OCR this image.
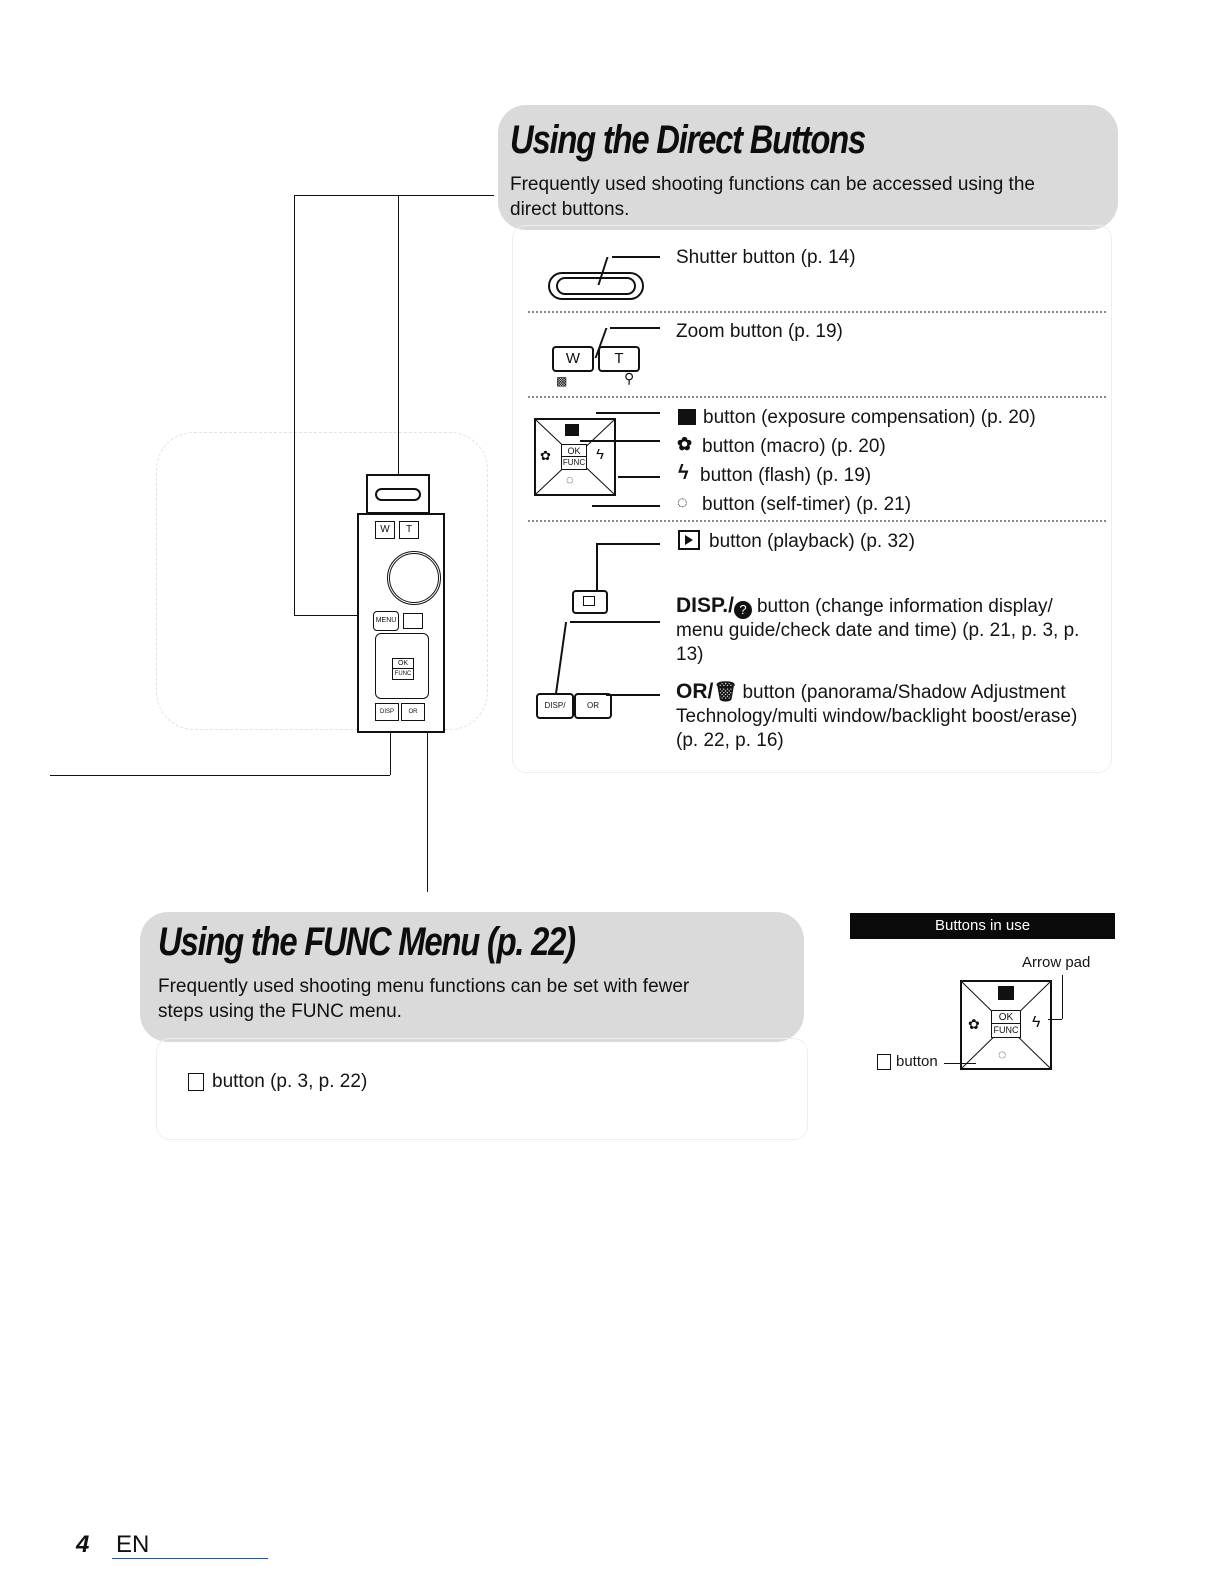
Using the Direct Buttons
Frequently used shooting functions can be accessed using the direct buttons.
W	T
MENU
OK
FUNC
DISP	OR
Shutter button (p. 14)
W	T
▩	⚲
Zoom button (p. 19)
✿	ϟ
◌
OK
FUNC
button (exposure compensation) (p. 20)
✿ button (macro) (p. 20)
ϟ button (flash) (p. 19)
◌ button (self-timer) (p. 21)
DISP/	OR
button (playback) (p. 32)
DISP./ ? button (change information display/ menu guide/check date and time) (p. 21, p. 3, p. 13)
OR/🗑 button (panorama/Shadow Adjustment Technology/multi window/backlight boost/erase) (p. 22, p. 16)
Using the FUNC Menu (p. 22)
Frequently used shooting menu functions can be set with fewer steps using the FUNC menu.
button (p. 3, p. 22)
Buttons in use
Arrow pad
✿	ϟ
◌
OK
FUNC
button
4 EN
